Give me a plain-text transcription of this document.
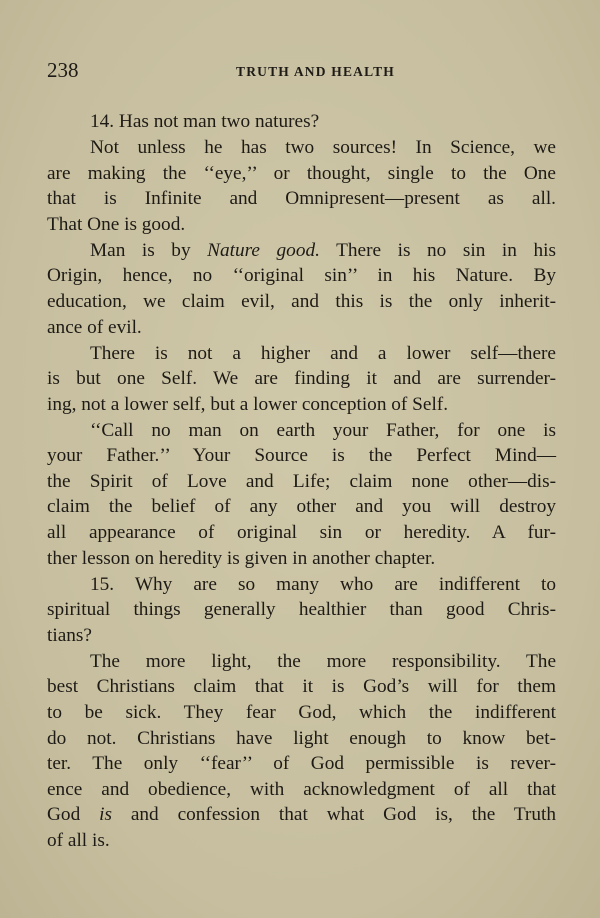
238	TRUTH AND HEALTH
14. Has not man two natures?
Not unless he has two sources! In Science, we
are making the ‘‘eye,’’ or thought, single to the One
that is Infinite and Omnipresent—present as all.
That One is good.
Man is by Nature good. There is no sin in his
Origin, hence, no ‘‘original sin’’ in his Nature. By
education, we claim evil, and this is the only inherit-
ance of evil.
There is not a higher and a lower self—there
is but one Self. We are finding it and are surrender-
ing, not a lower self, but a lower conception of Self.
‘‘Call no man on earth your Father, for one is
your Father.’’ Your Source is the Perfect Mind—
the Spirit of Love and Life; claim none other—dis-
claim the belief of any other and you will destroy
all appearance of original sin or heredity. A fur-
ther lesson on heredity is given in another chapter.
15. Why are so many who are indifferent to
spiritual things generally healthier than good Chris-
tians?
The more light, the more responsibility. The
best Christians claim that it is God’s will for them
to be sick. They fear God, which the indifferent
do not. Christians have light enough to know bet-
ter. The only ‘‘fear’’ of God permissible is rever-
ence and obedience, with acknowledgment of all that
God is and confession that what God is, the Truth
of all is.
